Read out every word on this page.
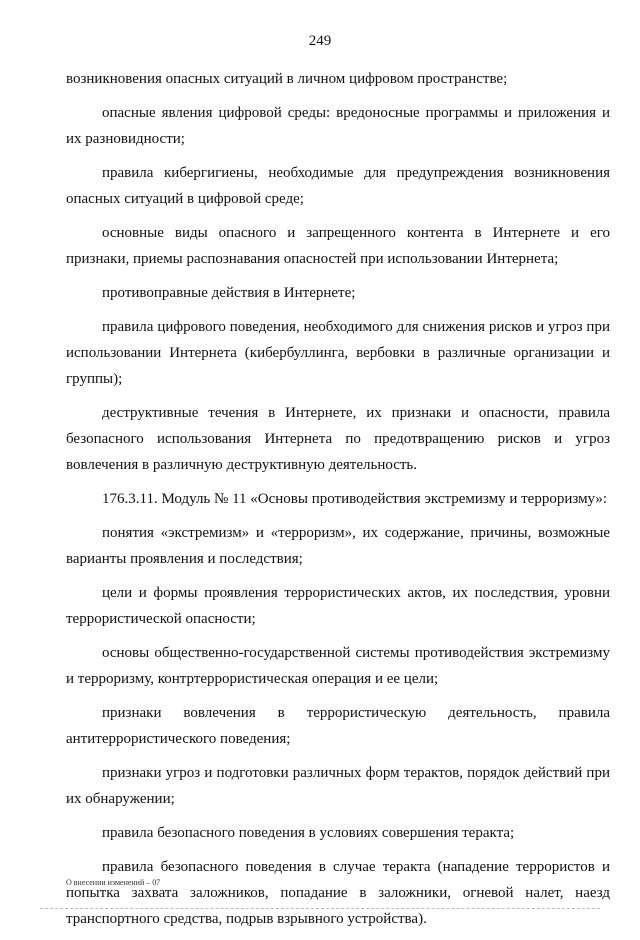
249

возникновения опасных ситуаций в личном цифровом пространстве;

опасные явления цифровой среды: вредоносные программы и приложения и их разновидности;

правила кибергигиены, необходимые для предупреждения возникновения опасных ситуаций в цифровой среде;

основные виды опасного и запрещенного контента в Интернете и его признаки, приемы распознавания опасностей при использовании Интернета;

противоправные действия в Интернете;

правила цифрового поведения, необходимого для снижения рисков и угроз при использовании Интернета (кибербуллинга, вербовки в различные организации и группы);

деструктивные течения в Интернете, их признаки и опасности, правила безопасного использования Интернета по предотвращению рисков и угроз вовлечения в различную деструктивную деятельность.

176.3.11. Модуль № 11 «Основы противодействия экстремизму и терроризму»:

понятия «экстремизм» и «терроризм», их содержание, причины, возможные варианты проявления и последствия;

цели и формы проявления террористических актов, их последствия, уровни террористической опасности;

основы общественно-государственной системы противодействия экстремизму и терроризму, контртеррористическая операция и ее цели;

признаки вовлечения в террористическую деятельность, правила антитеррористического поведения;

признаки угроз и подготовки различных форм терактов, порядок действий при их обнаружении;

правила безопасного поведения в условиях совершения теракта;

правила безопасного поведения в случае теракта (нападение террористов и попытка захвата заложников, попадание в заложники, огневой налет, наезд транспортного средства, подрыв взрывного устройства).

О внесении изменений – 07
